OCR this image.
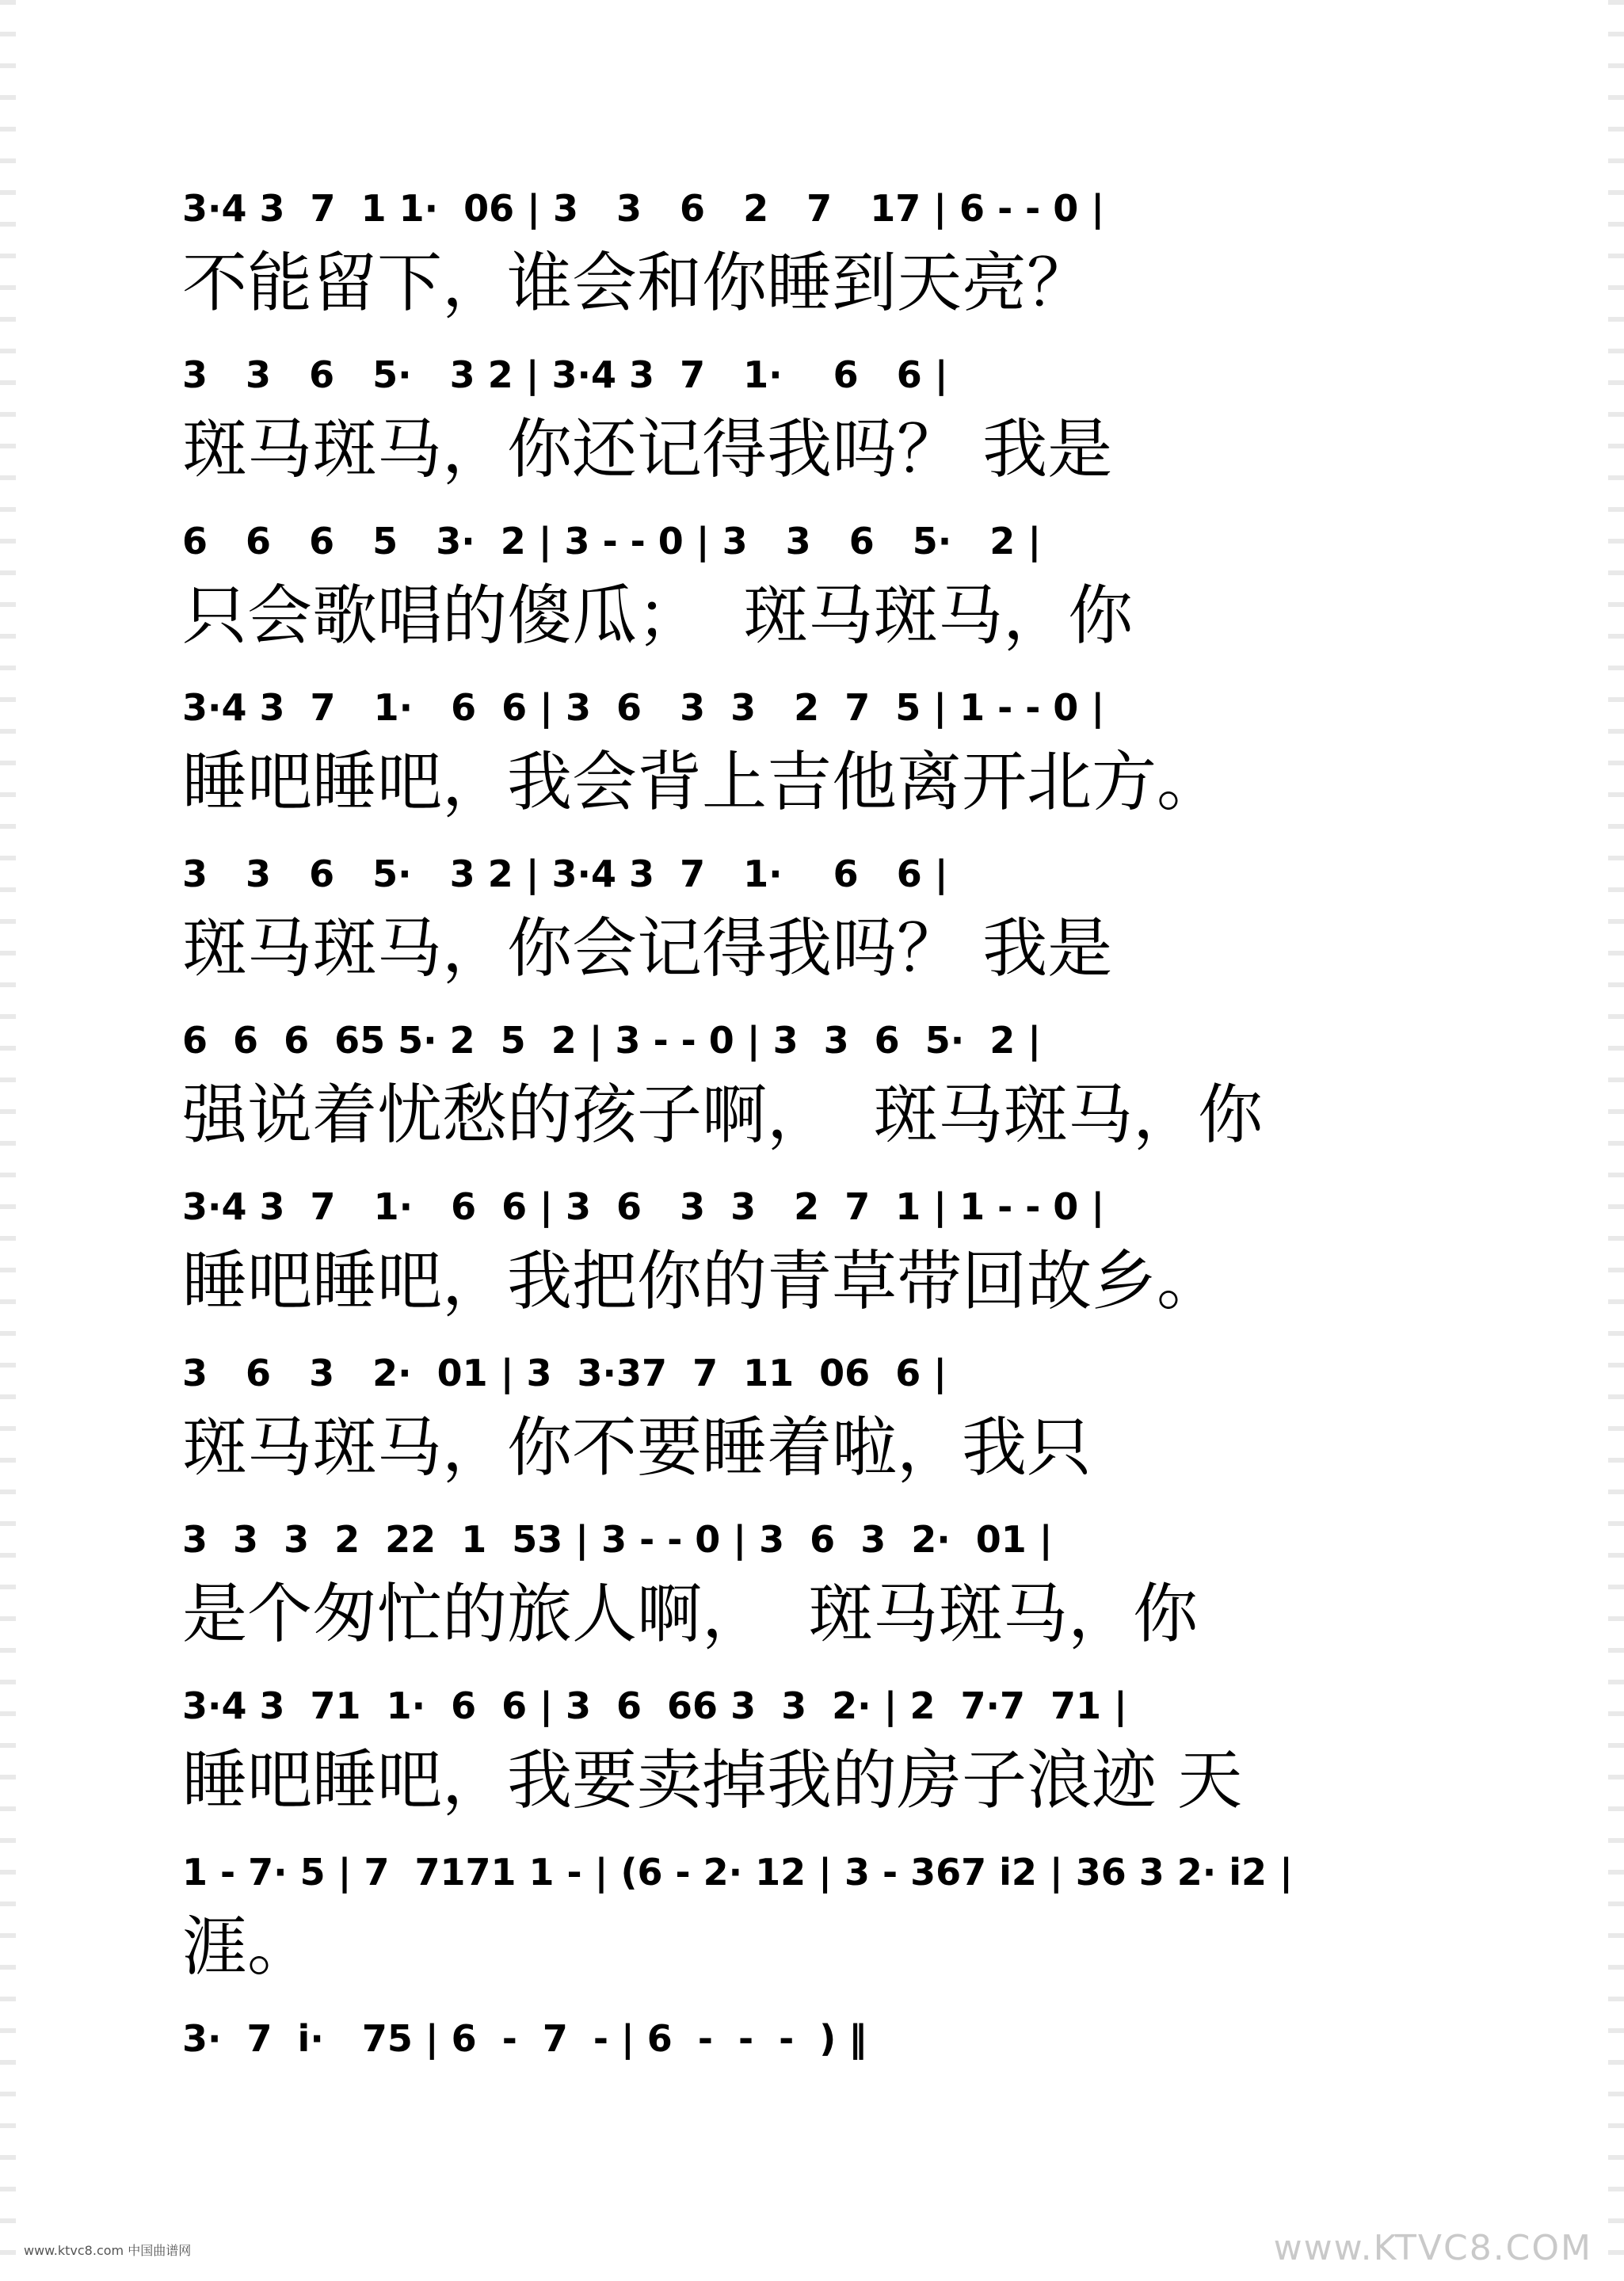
3·4 3  7  1 1·  06 | 3   3   6   2   7   17 | 6 - - 0 |
不能留下，谁会和你睡到天亮？
3   3   6   5·   3 2 | 3·4 3  7   1·    6   6 |
斑马斑马，你还记得我吗？ 我是
6   6   6   5   3·  2 | 3 - - 0 | 3   3   6   5·   2 |
只会歌唱的傻瓜；  斑马斑马，你
3·4 3  7   1·   6  6 | 3  6   3  3   2  7  5 | 1 - - 0 |
睡吧睡吧，我会背上吉他离开北方。
3   3   6   5·   3 2 | 3·4 3  7   1·    6   6 |
斑马斑马，你会记得我吗？ 我是
6  6  6  65 5· 2  5  2 | 3 - - 0 | 3  3  6  5·  2 |
强说着忧愁的孩子啊，  斑马斑马，你
3·4 3  7   1·   6  6 | 3  6   3  3   2  7  1 | 1 - - 0 |
睡吧睡吧，我把你的青草带回故乡。
3   6   3   2·  01 | 3  3·37  7  11  06  6 |
斑马斑马，你不要睡着啦，我只
3  3  3  2  22  1  53 | 3 - - 0 | 3  6  3  2·  01 |
是个匆忙的旅人啊，  斑马斑马，你
3·4 3  71  1·  6  6 | 3  6  66 3  3  2· | 2  7·7  71 |
睡吧睡吧，我要卖掉我的房子浪迹 天
1 - 7· 5 | 7  7171 1 - | (6 - 2· 12 | 3 - 367 i2 | 36 3 2· i2 |
涯。
3·  7  i·   75 | 6  -  7  - | 6  -  -  -  ) ‖
www.ktvc8.com 中国曲谱网	www.KTVC8.COM
